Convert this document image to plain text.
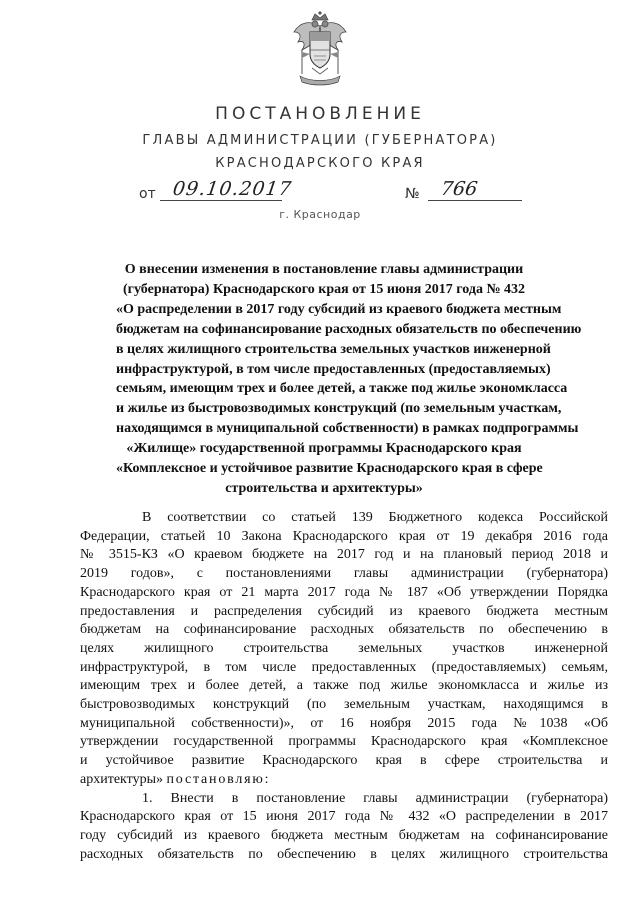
ПОСТАНОВЛЕНИЕ
ГЛАВЫ АДМИНИСТРАЦИИ (ГУБЕРНАТОРА)
КРАСНОДАРСКОГО КРАЯ
от 09.10.2017	№ 766
г. Краснодар
О внесении изменения в постановление главы администрации
(губернатора) Краснодарского края от 15 июня 2017 года № 432
«О распределении в 2017 году субсидий из краевого бюджета местным
бюджетам на софинансирование расходных обязательств по обеспечению
в целях жилищного строительства земельных участков инженерной
инфраструктурой, в том числе предоставленных (предоставляемых)
семьям, имеющим трех и более детей, а также под жилье экономкласса
и жилье из быстровозводимых конструкций (по земельным участкам,
находящимся в муниципальной собственности) в рамках подпрограммы
«Жилище» государственной программы Краснодарского края
«Комплексное и устойчивое развитие Краснодарского края в сфере
строительства и архитектуры»
В соответствии со статьей 139 Бюджетного кодекса Российской
Федерации, статьей 10 Закона Краснодарского края от 19 декабря 2016 года
№ 3515-КЗ «О краевом бюджете на 2017 год и на плановый период 2018 и
2019 годов», с постановлениями главы администрации (губернатора)
Краснодарского края от 21 марта 2017 года № 187 «Об утверждении Порядка
предоставления и распределения субсидий из краевого бюджета местным
бюджетам на софинансирование расходных обязательств по обеспечению в
целях жилищного строительства земельных участков инженерной
инфраструктурой, в том числе предоставленных (предоставляемых) семьям,
имеющим трех и более детей, а также под жилье экономкласса и жилье из
быстровозводимых конструкций (по земельным участкам, находящимся в
муниципальной собственности)», от 16 ноября 2015 года №1038 «Об
утверждении государственной программы Краснодарского края «Комплексное
и устойчивое развитие Краснодарского края в сфере строительства и
архитектуры» постановляю:
1. Внести в постановление главы администрации (губернатора)
Краснодарского края от 15 июня 2017 года № 432 «О распределении в 2017
году субсидий из краевого бюджета местным бюджетам на софинансирование
расходных обязательств по обеспечению в целях жилищного строительства
